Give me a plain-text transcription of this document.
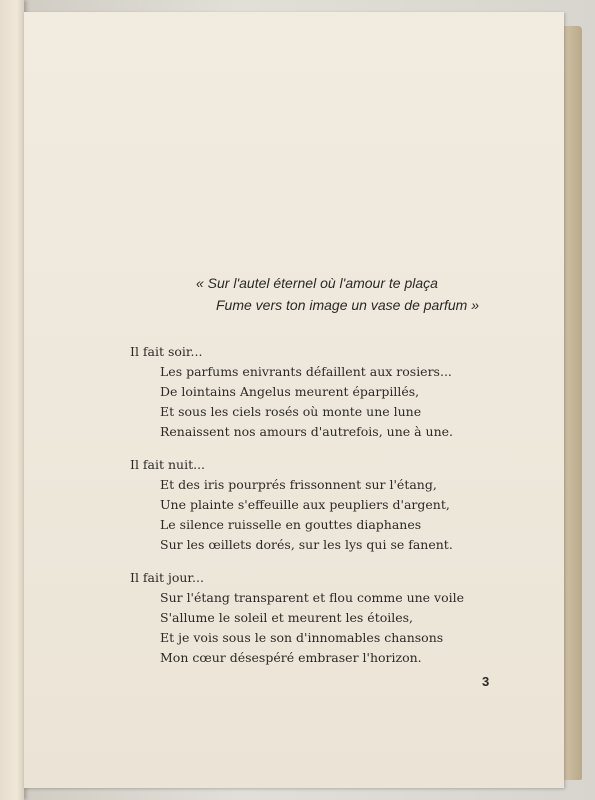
« Sur l'autel éternel où l'amour te plaça
Fume vers ton image un vase de parfum »
Il fait soir...
Les parfums enivrants défaillent aux rosiers...
De lointains Angelus meurent éparpillés,
Et sous les ciels rosés où monte une lune
Renaissent nos amours d'autrefois, une à une.
Il fait nuit...
Et des iris pourprés frissonnent sur l'étang,
Une plainte s'effeuille aux peupliers d'argent,
Le silence ruisselle en gouttes diaphanes
Sur les œillets dorés, sur les lys qui se fanent.
Il fait jour...
Sur l'étang transparent et flou comme une voile
S'allume le soleil et meurent les étoiles,
Et je vois sous le son d'innomables chansons
Mon cœur désespéré embraser l'horizon.
3
